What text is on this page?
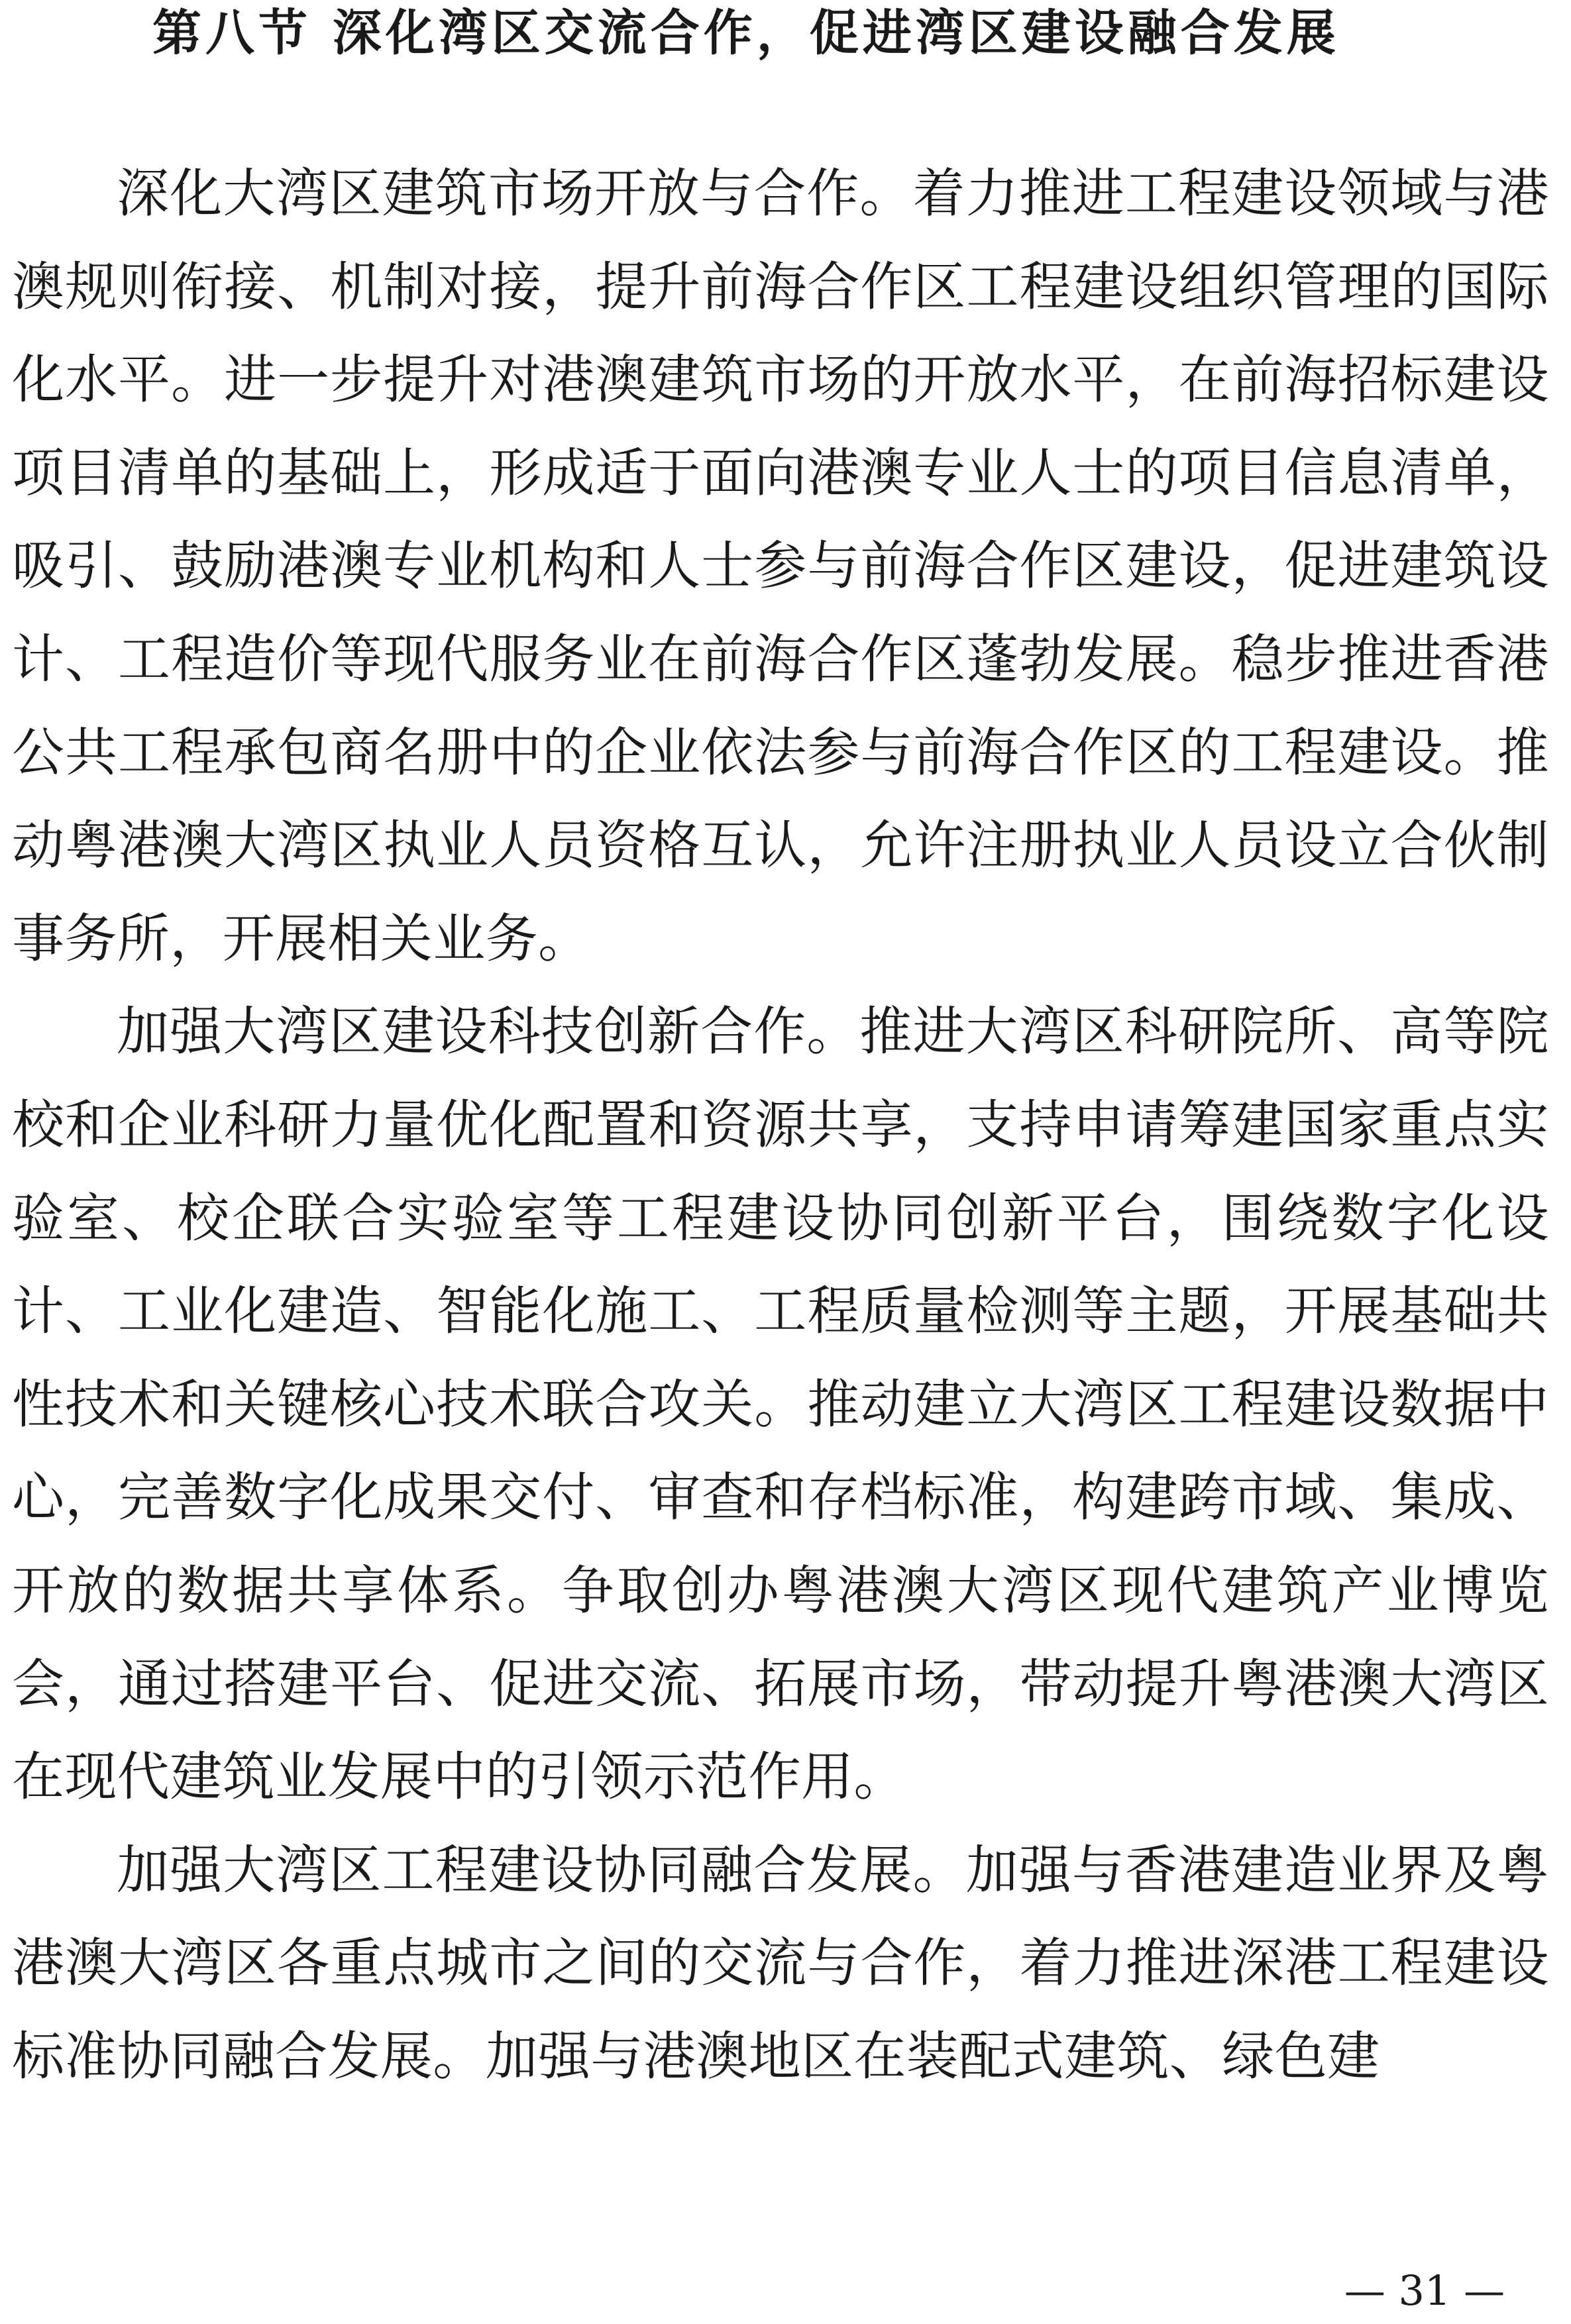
第八节 深化湾区交流合作，促进湾区建设融合发展

深化大湾区建筑市场开放与合作。着力推进工程建设领域与港澳规则衔接、机制对接，提升前海合作区工程建设组织管理的国际化水平。进一步提升对港澳建筑市场的开放水平，在前海招标建设项目清单的基础上，形成适于面向港澳专业人士的项目信息清单，吸引、鼓励港澳专业机构和人士参与前海合作区建设，促进建筑设计、工程造价等现代服务业在前海合作区蓬勃发展。稳步推进香港公共工程承包商名册中的企业依法参与前海合作区的工程建设。推动粤港澳大湾区执业人员资格互认，允许注册执业人员设立合伙制事务所，开展相关业务。

加强大湾区建设科技创新合作。推进大湾区科研院所、高等院校和企业科研力量优化配置和资源共享，支持申请筹建国家重点实验室、校企联合实验室等工程建设协同创新平台，围绕数字化设计、工业化建造、智能化施工、工程质量检测等主题，开展基础共性技术和关键核心技术联合攻关。推动建立大湾区工程建设数据中心，完善数字化成果交付、审查和存档标准，构建跨市域、集成、开放的数据共享体系。争取创办粤港澳大湾区现代建筑产业博览会，通过搭建平台、促进交流、拓展市场，带动提升粤港澳大湾区在现代建筑业发展中的引领示范作用。

加强大湾区工程建设协同融合发展。加强与香港建造业界及粤港澳大湾区各重点城市之间的交流与合作，着力推进深港工程建设标准协同融合发展。加强与港澳地区在装配式建筑、绿色建

— 31 —
